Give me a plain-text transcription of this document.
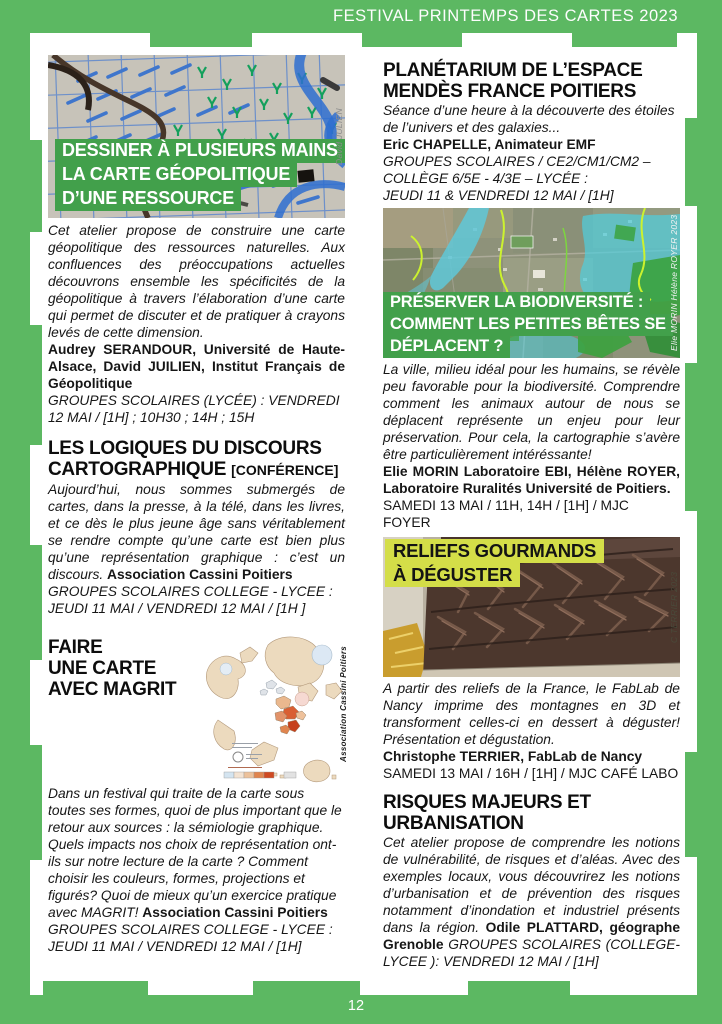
FESTIVAL PRINTEMPS DES CARTES 2023
12
DESSINER À PLUSIEURS MAINS
LA CARTE GÉOPOLITIQUE
D’UNE RESSOURCE
David JULIEN

Cet atelier propose de construire une carte géopolitique des ressources naturelles. Aux confluences des préoccupations actuelles découvrons ensemble les spécificités de la géopolitique à travers l’élaboration d’une carte qui permet de discuter et de pratiquer à crayons levés de cette dimension.

Audrey SERANDOUR, Université de Haute-Alsace, David JUILIEN, Institut Français de Géopolitique

GROUPES SCOLAIRES (LYCÉE) : VENDREDI 12 MAI / [1H] ; 10H30 ; 14H ; 15H

LES LOGIQUES DU DISCOURS
CARTOGRAPHIQUE [CONFÉRENCE]

Aujourd’hui, nous sommes submergés de cartes, dans la presse, à la télé, dans les livres, et ce dès le plus jeune âge sans véritablement se rendre compte qu’une carte est bien plus qu’une représentation graphique : c’est un discours. Association Cassini Poitiers

GROUPES SCOLAIRES COLLEGE - LYCEE : JEUDI 11 MAI / VENDREDI 12 MAI / [1H ]

FAIRE
UNE CARTE
AVEC MAGRIT	Association Cassini Poitiers

Dans un festival qui traite de la carte sous toutes ses formes, quoi de plus important que le retour aux sources : la sémiologie graphique. Quels impacts nos choix de représentation ont-ils sur notre lecture de la carte ? Comment choisir les couleurs, formes, projections et figurés? Quoi de mieux qu’un exercice pratique avec MAGRIT! Association Cassini Poitiers

GROUPES SCOLAIRES COLLEGE - LYCEE : JEUDI 11 MAI / VENDREDI 12 MAI / [1H]

PLANÉTARIUM DE L’ESPACE
MENDÈS FRANCE POITIERS

Séance d’une heure à la découverte des étoiles de l’univers et des galaxies...

Eric CHAPELLE, Animateur EMF

GROUPES SCOLAIRES / CE2/CM1/CM2 –
COLLÈGE 6/5E - 4/3E – LYCÉE :
JEUDI 11 & VENDREDI 12 MAI / [1H]
PRÉSERVER LA BIODIVERSITÉ :
COMMENT LES PETITES BÊTES SE
DÉPLACENT ?	Elie MORIN Hélène ROYER 2023

La ville, milieu idéal pour les humains, se révèle peu favorable pour la biodiversité. Comprendre comment les animaux autour de nous se déplacent représente un enjeu pour leur préservation. Pour cela, la cartographie s’avère être particulièrement intéréssante!

Elie MORIN Laboratoire EBI, Hélène ROYER, Laboratoire Ruralités Université de Poitiers.

SAMEDI 13 MAI / 11H, 14H / [1H] / MJC FOYER

RELIEFS GOURMANDS
À DÉGUSTER	C TERRIER 2023

A partir des reliefs de la France, le FabLab de Nancy imprime des montagnes en 3D et transforment celles-ci en dessert à déguster! Présentation et dégustation.

Christophe TERRIER, FabLab de Nancy

SAMEDI 13 MAI / 16H / [1H] / MJC CAFÉ LABO

RISQUES MAJEURS ET
URBANISATION

Cet atelier propose de comprendre les notions de vulnérabilité, de risques et d’aléas. Avec des exemples locaux, vous découvrirez les notions d’urbanisation et de prévention des risques notamment d’inondation et industriel présents dans la région. Odile PLATTARD, géographe Grenoble GROUPES SCOLAIRES (COLLEGE-LYCEE ): VENDREDI 12 MAI / [1H]
